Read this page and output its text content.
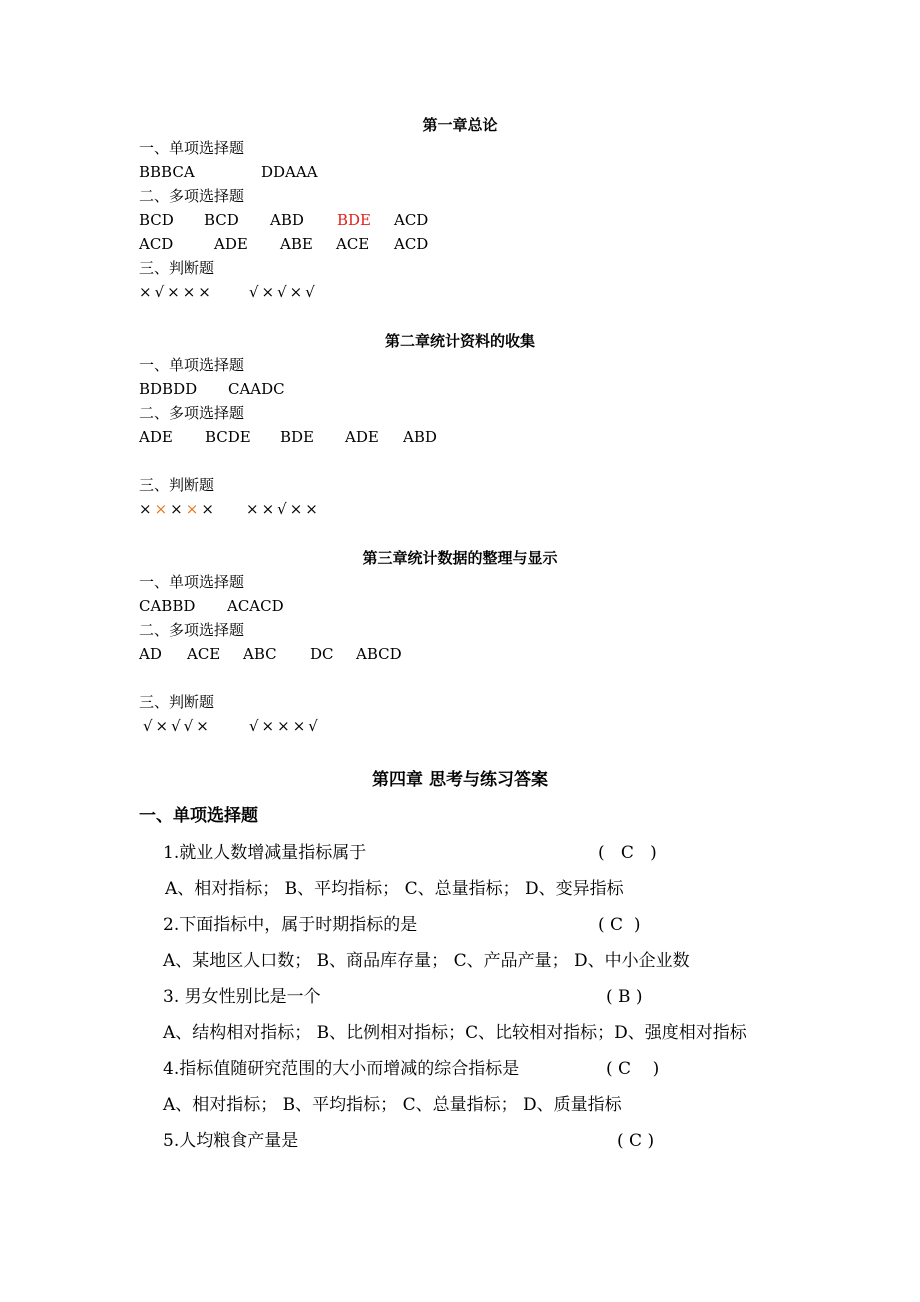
第一章总论
一、单项选择题
BBBCA	DDAAA
二、多项选择题
BCD BCD ABD BDE ACD
ACD	ADE ABE ACE ACD
三、判断题
×√××× √×√×√
第二章统计资料的收集
一、单项选择题
BDBDD CAADC
二、多项选择题
ADE BCDE BDE ADE ABD
三、判断题
××××× ××√××
第三章统计数据的整理与显示
一、单项选择题
CABBD ACACD
二、多项选择题
AD ACE ABC DC ABCD
三、判断题
√×√√× √×××√
第四章 思考与练习答案
一、单项选择题
1.就业人数增减量指标属于	(   C   )
A、相对指标； B、平均指标； C、总量指标； D、变异指标
2.下面指标中，属于时期指标的是	( C  )
A、某地区人口数； B、商品库存量； C、产品产量； D、中小企业数
3. 男女性别比是一个	( B )
A、结构相对指标； B、比例相对指标；C、比较相对指标；D、强度相对指标
4.指标值随研究范围的大小而增减的综合指标是	( C    )
A、相对指标； B、平均指标； C、总量指标； D、质量指标
5.人均粮食产量是	( C )
